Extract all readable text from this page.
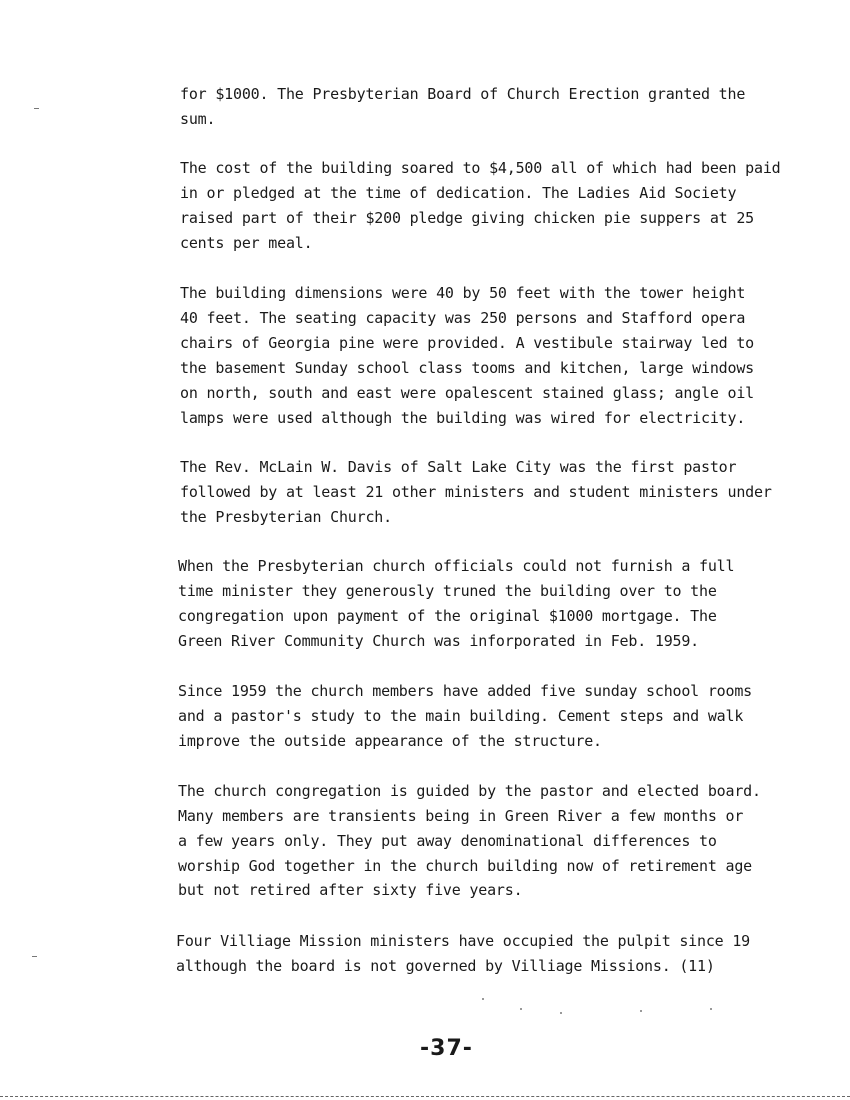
for $1000. The Presbyterian Board of Church Erection granted the
sum.
The cost of the building soared to $4,500 all of which had been paid
in or pledged at the time of dedication. The Ladies Aid Society
raised part of their $200 pledge giving chicken pie suppers at 25
cents per meal.
The building dimensions were 40 by 50 feet with the tower height
40 feet. The seating capacity was 250 persons and Stafford opera
chairs of Georgia pine were provided. A vestibule stairway led to
the basement Sunday school class tooms and kitchen, large windows
on north, south and east were opalescent stained glass; angle oil
lamps were used although the building was wired for electricity.
The Rev. McLain W. Davis of Salt Lake City was the first pastor
followed by at least 21 other ministers and student ministers under
the Presbyterian Church.
When the Presbyterian church officials could not furnish a full
time minister they generously truned the building over to the
congregation upon payment of the original $1000 mortgage. The
Green River Community Church was inforporated in Feb. 1959.
Since 1959 the church members have added five sunday school rooms
and a pastor's study to the main building. Cement steps and walk
improve the outside appearance of the structure.
The church congregation is guided by the pastor and elected board.
Many members are transients being in Green River a few months or
a few years only. They put away denominational differences to
worship God together in the church building now of retirement age
but not retired after sixty five years.
Four Villiage Mission ministers have occupied the pulpit since 19
although the board is not governed by Villiage Missions. (11)
-37-
